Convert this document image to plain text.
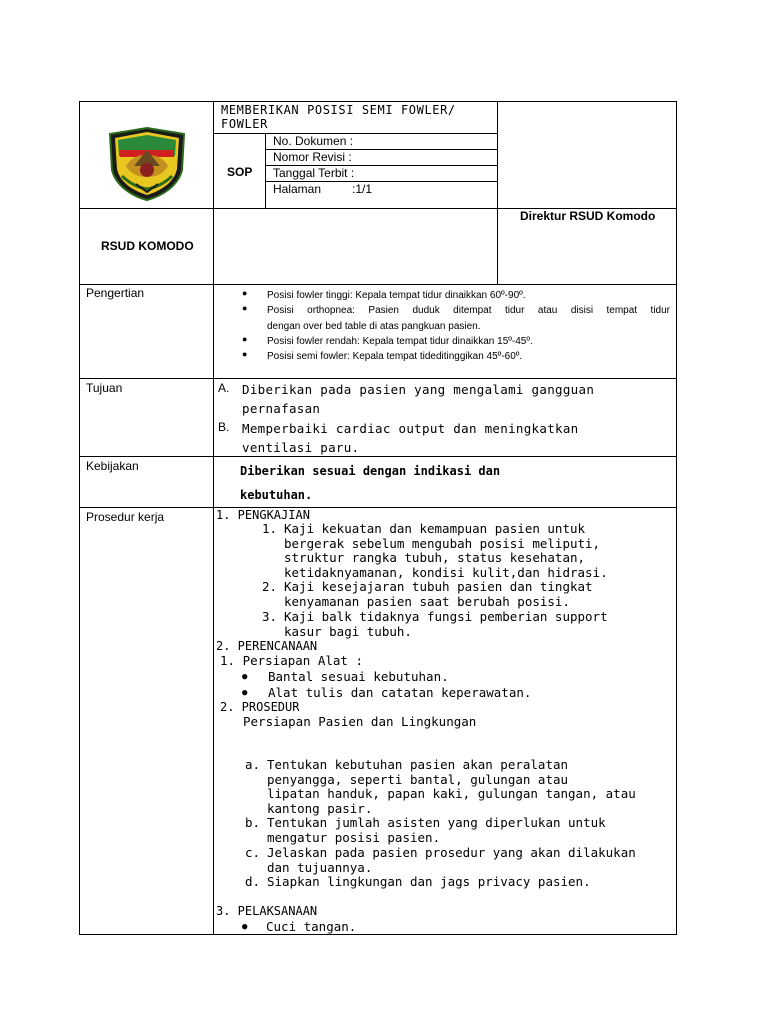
MEMBERIKAN POSISI SEMI FOWLER/
FOWLER
SOP
No. Dokumen :
Nomor Revisi :
Tanggal Terbit :
Halaman	:1/1
RSUD KOMODO
Direktur RSUD Komodo
Pengertian	● Posisi fowler tinggi: Kepala tempat tidur dinaikkan 60º-90º.
● Posisi orthopnea: Pasien duduk ditempat tidur atau disisi tempat tidur
dengan over bed table di atas pangkuan pasien.
● Posisi fowler rendah: Kepala tempat tidur dinaikkan 15º-45º.
● Posisi semi fowler: Kepala tempat tideditinggikan 45º-60º.
Tujuan	A. Diberikan pada pasien yang mengalami gangguan
pernafasan
B. Memperbaiki cardiac output dan meningkatkan
ventilasi paru.
Kebijakan	Diberikan sesuai dengan indikasi dan
kebutuhan.
Prosedur kerja	1. PENGKAJIAN
1. Kaji kekuatan dan kemampuan pasien untuk
bergerak sebelum mengubah posisi meliputi,
struktur rangka tubuh, status kesehatan,
ketidaknyamanan, kondisi kulit,dan hidrasi.
2. Kaji kesejajaran tubuh pasien dan tingkat
kenyamanan pasien saat berubah posisi.
3. Kaji balk tidaknya fungsi pemberian support
kasur bagi tubuh.
2. PERENCANAAN
1. Persiapan Alat :
● Bantal sesuai kebutuhan.
● Alat tulis dan catatan keperawatan.
2. PROSEDUR
Persiapan Pasien dan Lingkungan
a. Tentukan kebutuhan pasien akan peralatan
penyangga, seperti bantal, gulungan atau
lipatan handuk, papan kaki, gulungan tangan, atau
kantong pasir.
b. Tentukan jumlah asisten yang diperlukan untuk
mengatur posisi pasien.
c. Jelaskan pada pasien prosedur yang akan dilakukan
dan tujuannya.
d. Siapkan lingkungan dan jags privacy pasien.
3. PELAKSANAAN
● Cuci tangan.
